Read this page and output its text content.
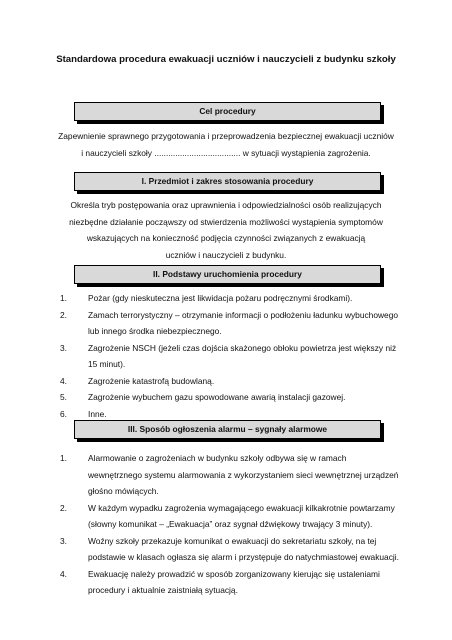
Standardowa procedura ewakuacji uczniów i nauczycieli z budynku szkoły
Cel procedury
Zapewnienie sprawnego przygotowania i przeprowadzenia bezpiecznej ewakuacji uczniów
i nauczycieli szkoły ..................................... w sytuacji wystąpienia zagrożenia.
I. Przedmiot i zakres stosowania procedury
Określa tryb postępowania oraz uprawnienia i odpowiedzialności osób realizujących
niezbędne działanie począwszy od stwierdzenia możliwości wystąpienia symptomów
wskazujących na konieczność podjęcia czynności związanych z ewakuacją
uczniów i nauczycieli z budynku.
II. Podstawy uruchomienia procedury
1.	Pożar (gdy nieskuteczna jest likwidacja pożaru podręcznymi środkami).
2.	Zamach terrorystyczny – otrzymanie informacji o podłożeniu ładunku wybuchowego
lub innego środka niebezpiecznego.
3.	Zagrożenie NSCH (jeżeli czas dojścia skażonego obłoku powietrza jest większy niż
15 minut).
4.	Zagrożenie katastrofą budowlaną.
5.	Zagrożenie wybuchem gazu spowodowane awarią instalacji gazowej.
6.	Inne.
III. Sposób ogłoszenia alarmu – sygnały alarmowe
1.	Alarmowanie o zagrożeniach w budynku szkoły odbywa się w ramach
wewnętrznego systemu alarmowania z wykorzystaniem sieci wewnętrznej urządzeń
głośno mówiących.
2.	W każdym wypadku zagrożenia wymagającego ewakuacji kilkakrotnie powtarzamy
(słowny komunikat – „Ewakuacja” oraz sygnał dźwiękowy trwający 3 minuty).
3.	Woźny szkoły przekazuje komunikat o ewakuacji do sekretariatu szkoły, na tej
podstawie w klasach ogłasza się alarm i przystępuje do natychmiastowej ewakuacji.
4.	Ewakuację należy prowadzić w sposób zorganizowany kierując się ustaleniami
procedury i aktualnie zaistniałą sytuacją.
